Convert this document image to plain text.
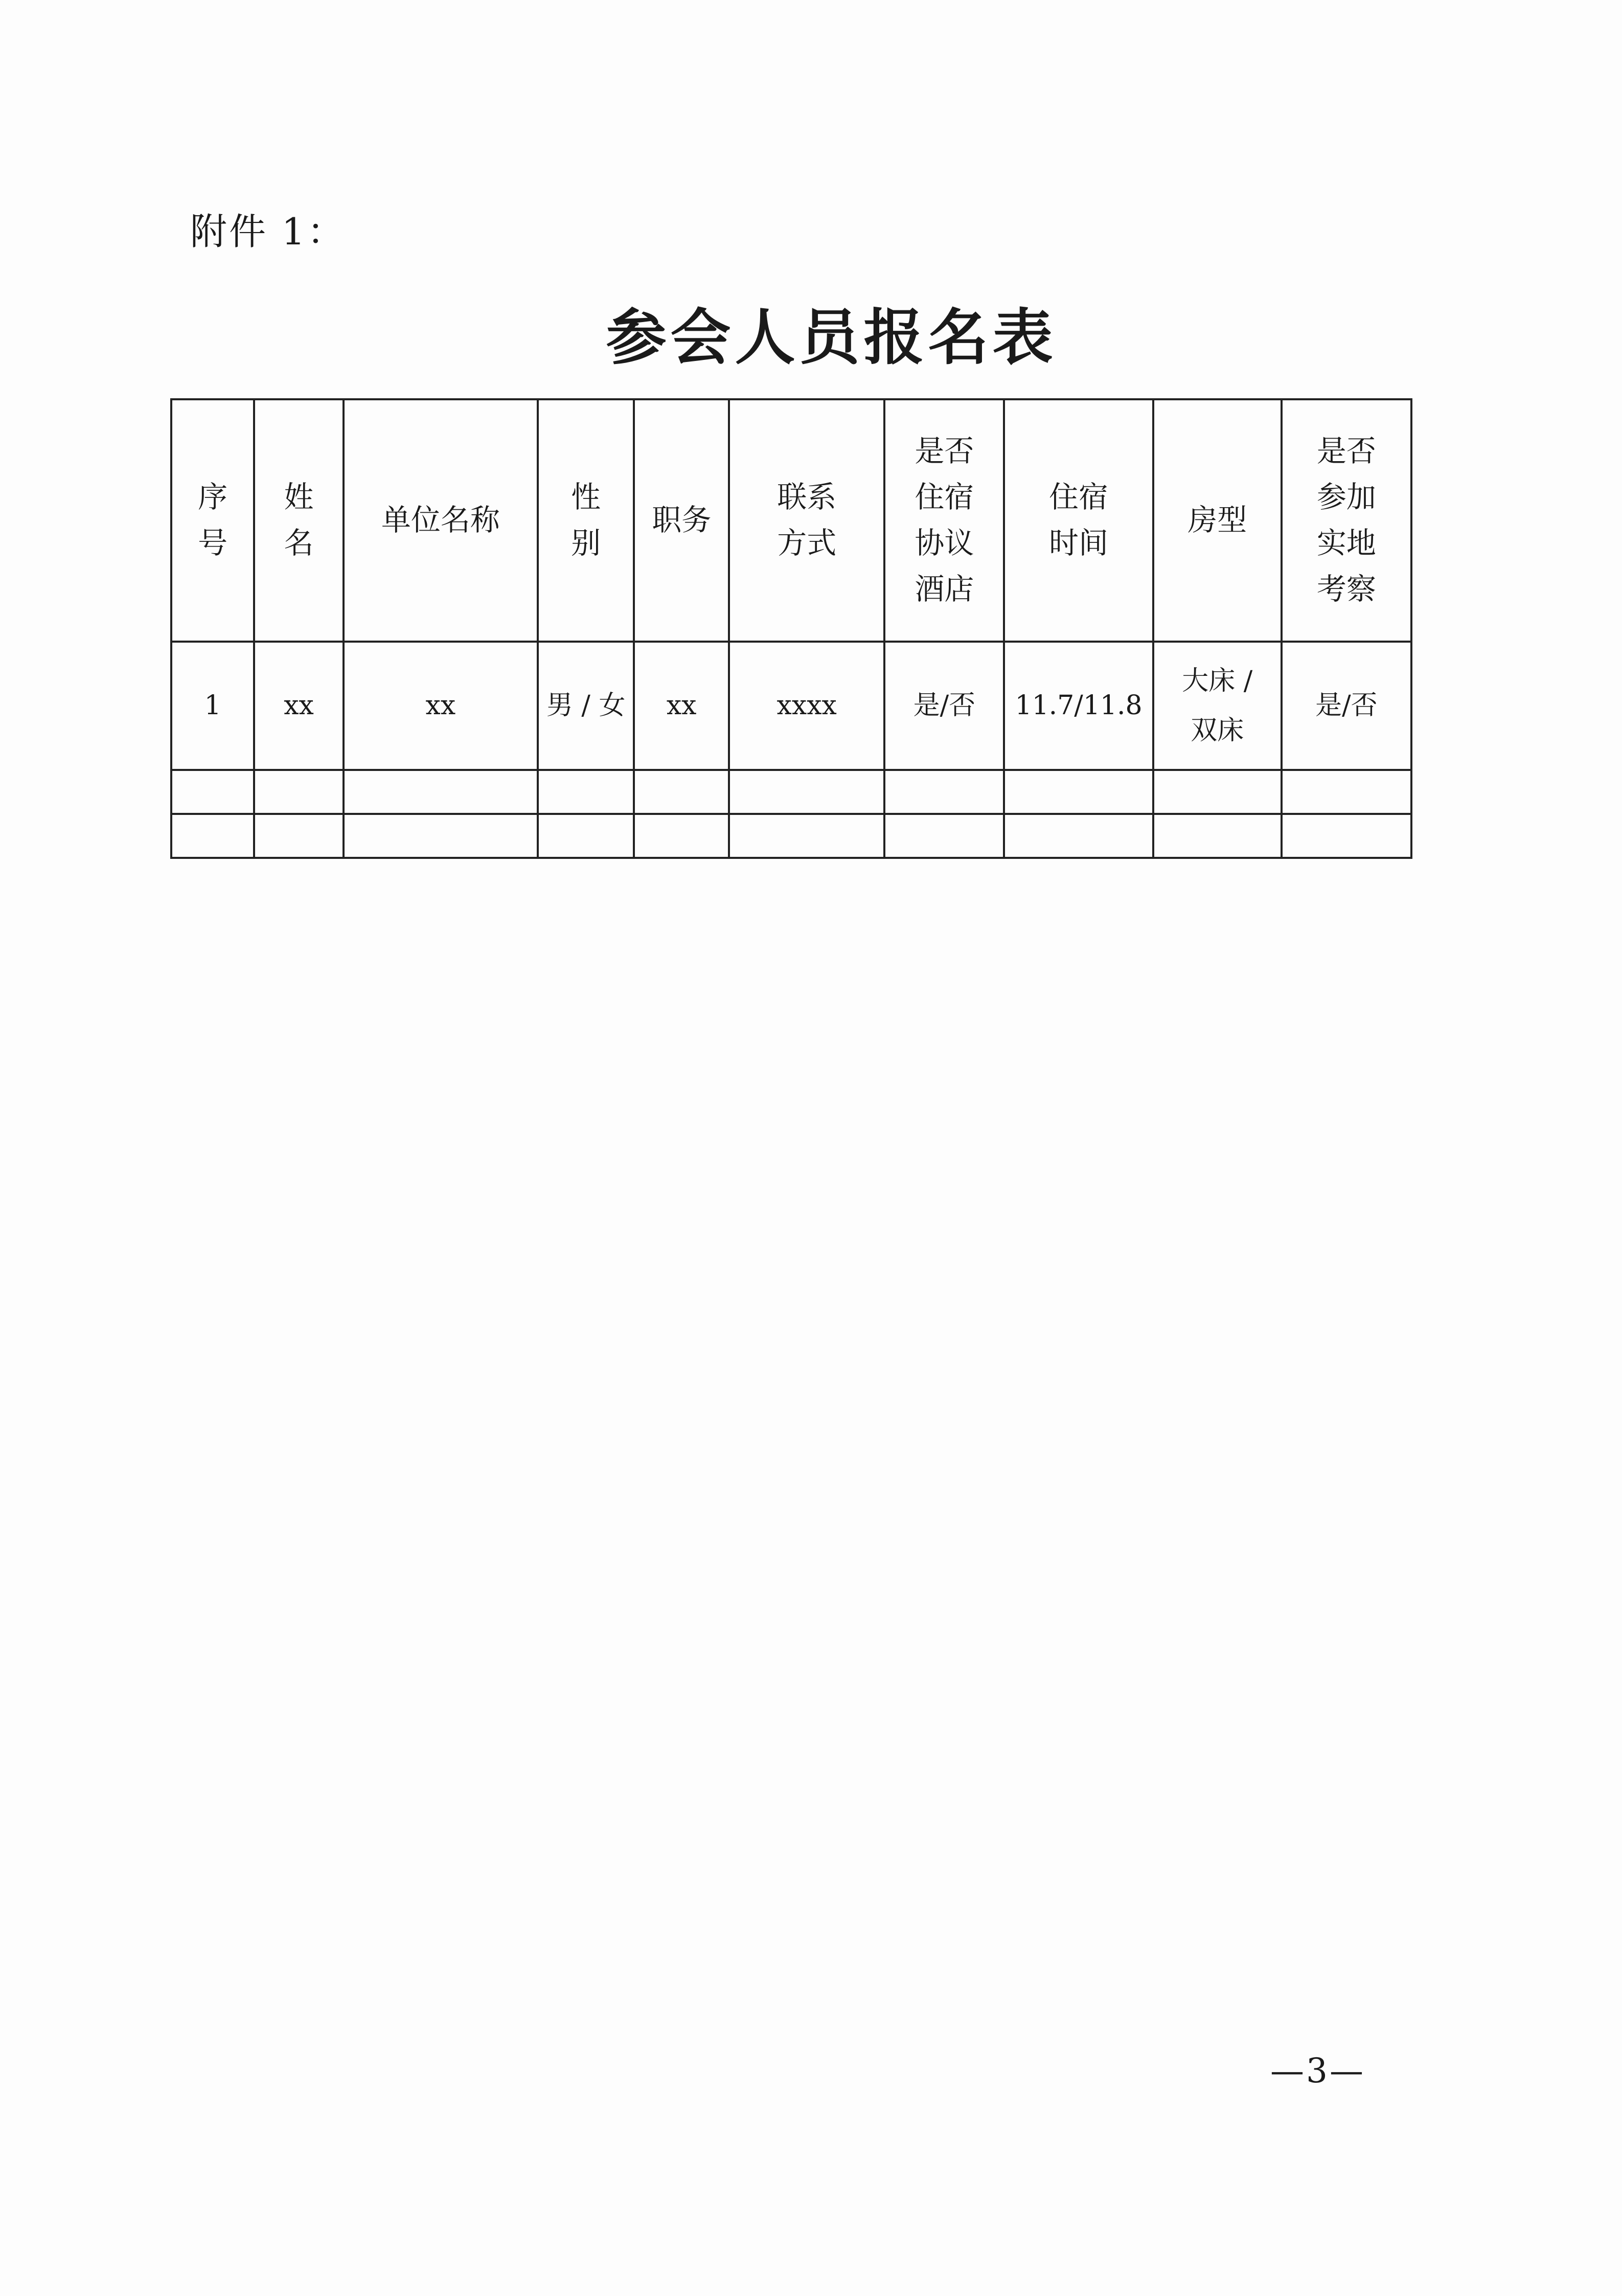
附件 1：
参会人员报名表
序号	姓名	单位名称	性别	职务	联系方式	是否住宿协议酒店	住宿时间	房型	是否参加实地考察
1	xx	xx	男 / 女	xx	xxxx	是/否	11.7/11.8	大床 / 双床	是/否

—3—
